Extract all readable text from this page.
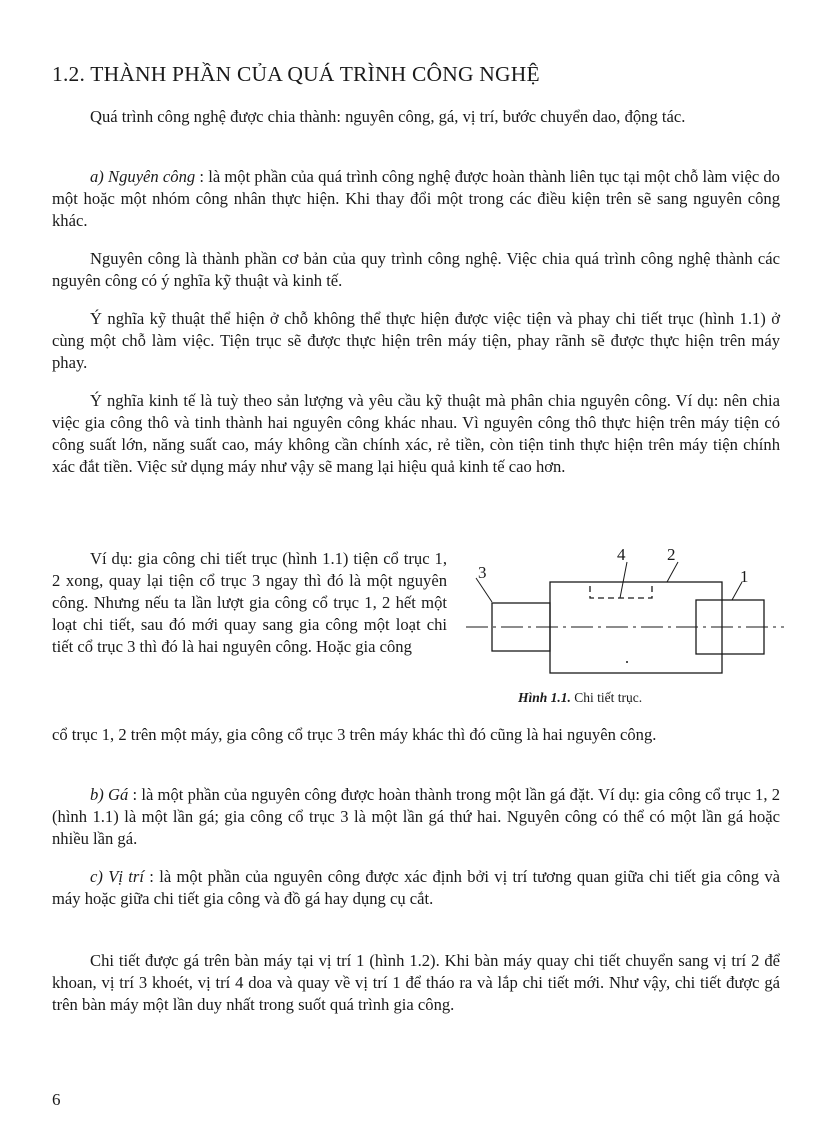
1.2. THÀNH PHẦN CỦA QUÁ TRÌNH CÔNG NGHỆ

Quá trình công nghệ được chia thành: nguyên công, gá, vị trí, bước chuyển dao, động tác.

a) Nguyên công : là một phần của quá trình công nghệ được hoàn thành liên tục tại một chỗ làm việc do một hoặc một nhóm công nhân thực hiện. Khi thay đổi một trong các điều kiện trên sẽ sang nguyên công khác.

Nguyên công là thành phần cơ bản của quy trình công nghệ. Việc chia quá trình công nghệ thành các nguyên công có ý nghĩa kỹ thuật và kinh tế.

Ý nghĩa kỹ thuật thể hiện ở chỗ không thể thực hiện được việc tiện và phay chi tiết trục (hình 1.1) ở cùng một chỗ làm việc. Tiện trục sẽ được thực hiện trên máy tiện, phay rãnh sẽ được thực hiện trên máy phay.

Ý nghĩa kinh tế là tuỳ theo sản lượng và yêu cầu kỹ thuật mà phân chia nguyên công. Ví dụ: nên chia việc gia công thô và tinh thành hai nguyên công khác nhau. Vì nguyên công thô thực hiện trên máy tiện có công suất lớn, năng suất cao, máy không cần chính xác, rẻ tiền, còn tiện tinh thực hiện trên máy tiện chính xác đắt tiền. Việc sử dụng máy như vậy sẽ mang lại hiệu quả kinh tế cao hơn.

Ví dụ: gia công chi tiết trục (hình 1.1) tiện cổ trục 1, 2 xong, quay lại tiện cổ trục 3 ngay thì đó là một nguyên công. Nhưng nếu ta lần lượt gia công cổ trục 1, 2 hết một loạt chi tiết, sau đó mới quay sang gia công một loạt chi tiết cổ trục 3 thì đó là hai nguyên công. Hoặc gia công

3
4 2
1

Hình 1.1. Chi tiết trục.

cổ trục 1, 2 trên một máy, gia công cổ trục 3 trên máy khác thì đó cũng là hai nguyên công.

b) Gá : là một phần của nguyên công được hoàn thành trong một lần gá đặt. Ví dụ: gia công cổ trục 1, 2 (hình 1.1) là một lần gá; gia công cổ trục 3 là một lần gá thứ hai. Nguyên công có thể có một lần gá hoặc nhiều lần gá.

c) Vị trí : là một phần của nguyên công được xác định bởi vị trí tương quan giữa chi tiết gia công và máy hoặc giữa chi tiết gia công và đồ gá hay dụng cụ cắt.

Chi tiết được gá trên bàn máy tại vị trí 1 (hình 1.2). Khi bàn máy quay chi tiết chuyển sang vị trí 2 để khoan, vị trí 3 khoét, vị trí 4 doa và quay về vị trí 1 để tháo ra và lắp chi tiết mới. Như vậy, chi tiết được gá trên bàn máy một lần duy nhất trong suốt quá trình gia công.

6
